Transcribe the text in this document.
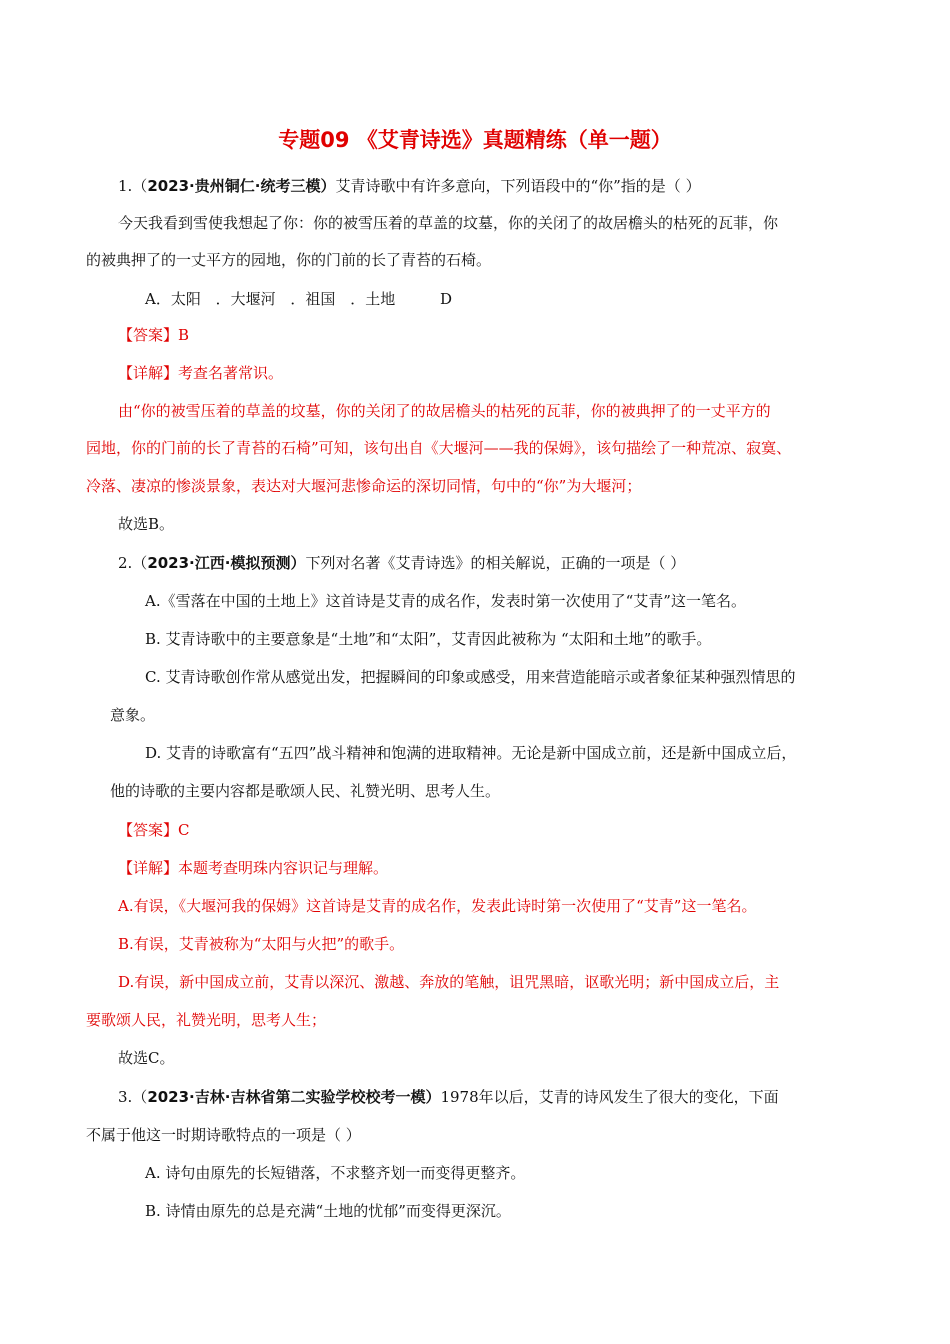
专题09 《艾青诗选》真题精练（单一题）
1.（2023·贵州铜仁·统考三模）艾青诗歌中有许多意向，下列语段中的“你”指的是（ ）
今天我看到雪使我想起了你：你的被雪压着的草盖的坟墓，你的关闭了的故居檐头的枯死的瓦菲，你
的被典押了的一丈平方的园地，你的门前的长了青苔的石椅。
A．太阳 ．大堰河 ．祖国 ．土地	D
【答案】B
【详解】考查名著常识。
由“你的被雪压着的草盖的坟墓，你的关闭了的故居檐头的枯死的瓦菲，你的被典押了的一丈平方的
园地，你的门前的长了青苔的石椅”可知，该句出自《大堰河——我的保姆》，该句描绘了一种荒凉、寂寞、
冷落、凄凉的惨淡景象，表达对大堰河悲惨命运的深切同情，句中的“你”为大堰河；
故选B。
2.（2023·江西·模拟预测）下列对名著《艾青诗选》的相关解说，正确的一项是（ ）
A.《雪落在中国的土地上》这首诗是艾青的成名作，发表时第一次使用了“艾青”这一笔名。
B. 艾青诗歌中的主要意象是“土地”和“太阳”，艾青因此被称为 “太阳和土地”的歌手。
C. 艾青诗歌创作常从感觉出发，把握瞬间的印象或感受，用来营造能暗示或者象征某种强烈情思的
意象。
D. 艾青的诗歌富有“五四”战斗精神和饱满的进取精神。无论是新中国成立前，还是新中国成立后，
他的诗歌的主要内容都是歌颂人民、礼赞光明、思考人生。
【答案】C
【详解】本题考查明珠内容识记与理解。
A.有误，《大堰河我的保姆》这首诗是艾青的成名作，发表此诗时第一次使用了“艾青”这一笔名。
B.有误，艾青被称为“太阳与火把”的歌手。
D.有误，新中国成立前，艾青以深沉、激越、奔放的笔触，诅咒黑暗，讴歌光明；新中国成立后，主
要歌颂人民，礼赞光明，思考人生；
故选C。
3.（2023·吉林·吉林省第二实验学校校考一模）1978年以后，艾青的诗风发生了很大的变化，下面
不属于他这一时期诗歌特点的一项是（ ）
A. 诗句由原先的长短错落，不求整齐划一而变得更整齐。
B. 诗情由原先的总是充满“土地的忧郁”而变得更深沉。
